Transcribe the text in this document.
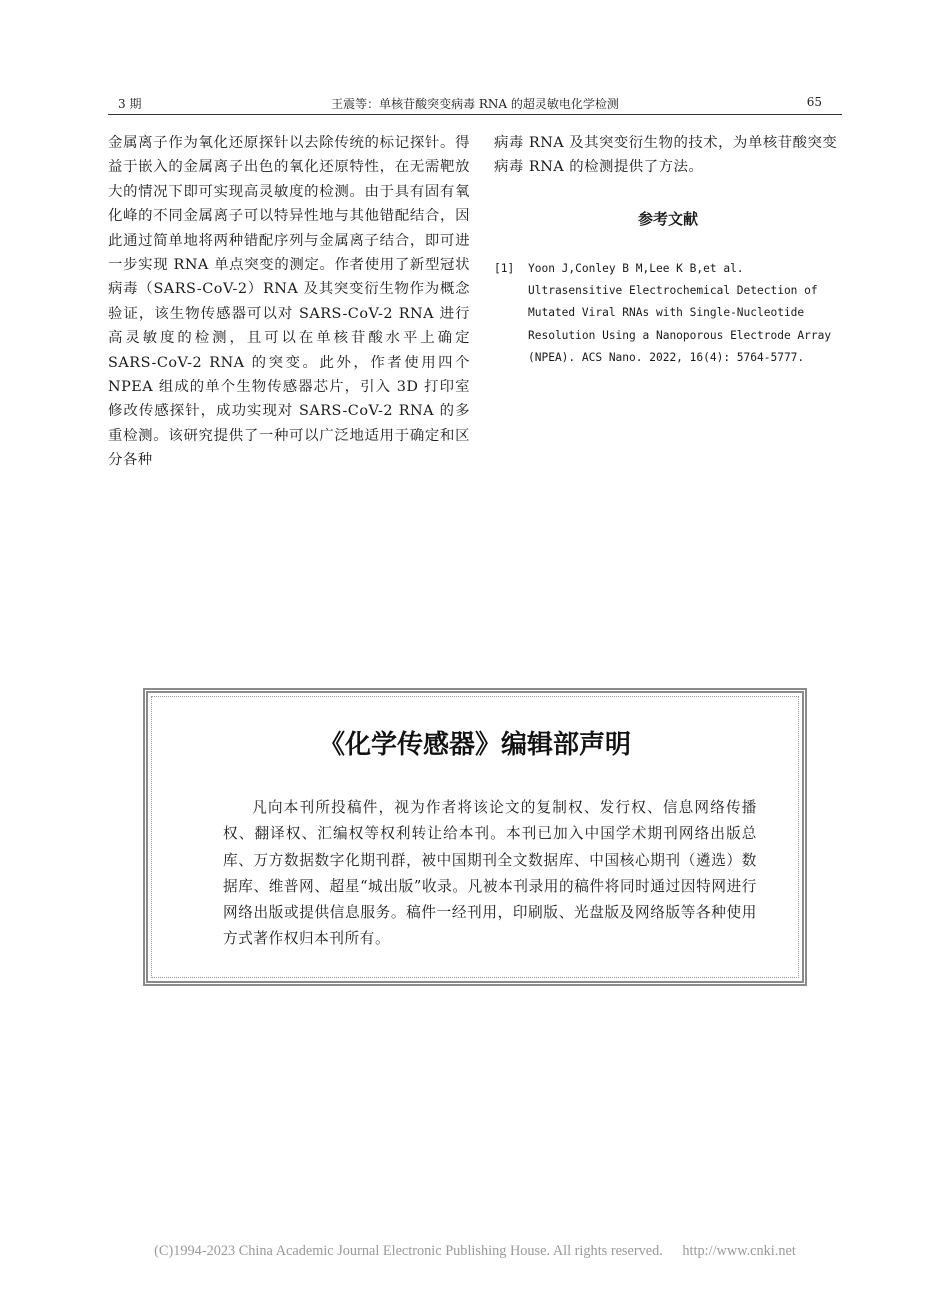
3 期	王震等：单核苷酸突变病毒 RNA 的超灵敏电化学检测	65

金属离子作为氧化还原探针以去除传统的标记探针。得益于嵌入的金属离子出色的氧化还原特性，在无需靶放大的情况下即可实现高灵敏度的检测。由于具有固有氧化峰的不同金属离子可以特异性地与其他错配结合，因此通过简单地将两种错配序列与金属离子结合，即可进一步实现 RNA 单点突变的测定。作者使用了新型冠状病毒（SARS-CoV-2）RNA 及其突变衍生物作为概念验证，该生物传感器可以对 SARS-CoV-2 RNA 进行高灵敏度的检测，且可以在单核苷酸水平上确定 SARS-CoV-2 RNA 的突变。此外，作者使用四个 NPEA 组成的单个生物传感器芯片，引入 3D 打印室修改传感探针，成功实现对 SARS-CoV-2 RNA 的多重检测。该研究提供了一种可以广泛地适用于确定和区分各种

病毒 RNA 及其突变衍生物的技术，为单核苷酸突变病毒 RNA 的检测提供了方法。

参考文献
[1] Yoon J,Conley B M,Lee K B,et al. Ultrasensitive Electrochemical Detection of Mutated Viral RNAs with Single-Nucleotide Resolution Using a Nanoporous Electrode Array (NPEA). ACS Nano. 2022, 16(4): 5764-5777.
《化学传感器》编辑部声明
凡向本刊所投稿件，视为作者将该论文的复制权、发行权、信息网络传播权、翻译权、汇编权等权利转让给本刊。本刊已加入中国学术期刊网络出版总库、万方数据数字化期刊群，被中国期刊全文数据库、中国核心期刊（遴选）数据库、维普网、超星“城出版”收录。凡被本刊录用的稿件将同时通过因特网进行网络出版或提供信息服务。稿件一经刊用，印刷版、光盘版及网络版等各种使用方式著作权归本刊所有。
(C)1994-2023 China Academic Journal Electronic Publishing House. All rights reserved. http://www.cnki.net
